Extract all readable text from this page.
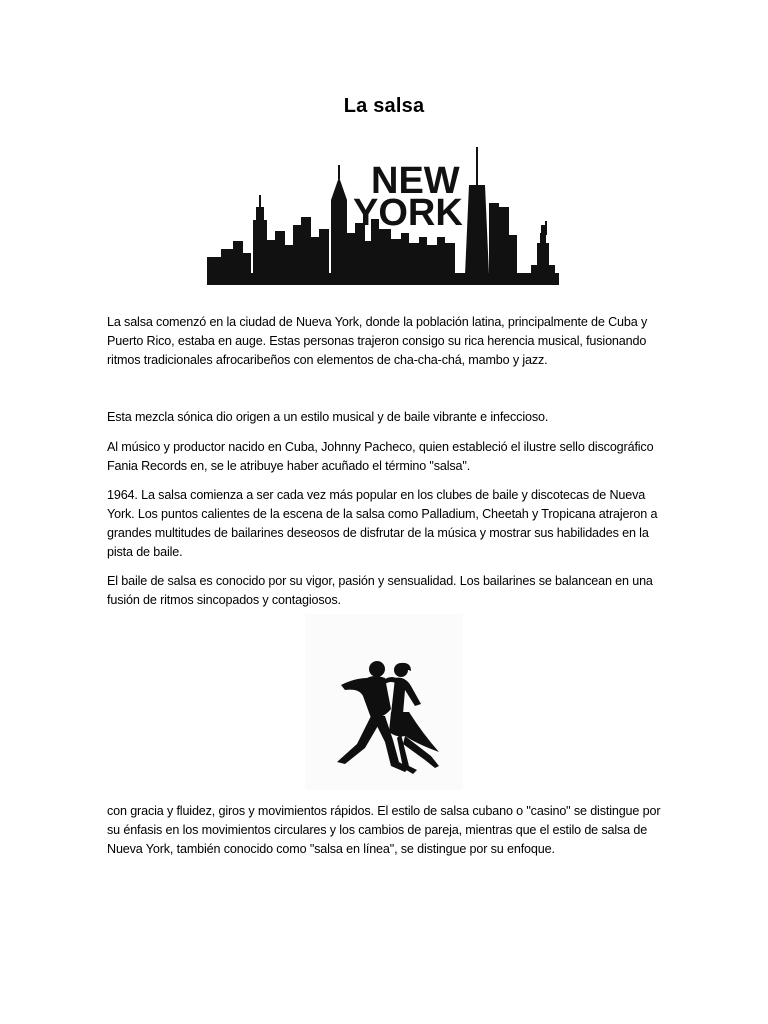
La salsa
NEW
YORK

La salsa comenzó en la ciudad de Nueva York, donde la población latina, principalmente de Cuba y Puerto Rico, estaba en auge. Estas personas trajeron consigo su rica herencia musical, fusionando ritmos tradicionales afrocaribeños con elementos de cha-cha-chá, mambo y jazz.

Esta mezcla sónica dio origen a un estilo musical y de baile vibrante e infeccioso.

Al músico y productor nacido en Cuba, Johnny Pacheco, quien estableció el ilustre sello discográfico Fania Records en, se le atribuye haber acuñado el término "salsa".

1964. La salsa comienza a ser cada vez más popular en los clubes de baile y discotecas de Nueva York. Los puntos calientes de la escena de la salsa como Palladium, Cheetah y Tropicana atrajeron a grandes multitudes de bailarines deseosos de disfrutar de la música y mostrar sus habilidades en la pista de baile.

El baile de salsa es conocido por su vigor, pasión y sensualidad. Los bailarines se balancean en una fusión de ritmos sincopados y contagiosos.

con gracia y fluidez, giros y movimientos rápidos. El estilo de salsa cubano o "casino" se distingue por su énfasis en los movimientos circulares y los cambios de pareja, mientras que el estilo de salsa de Nueva York, también conocido como "salsa en línea", se distingue por su enfoque.
